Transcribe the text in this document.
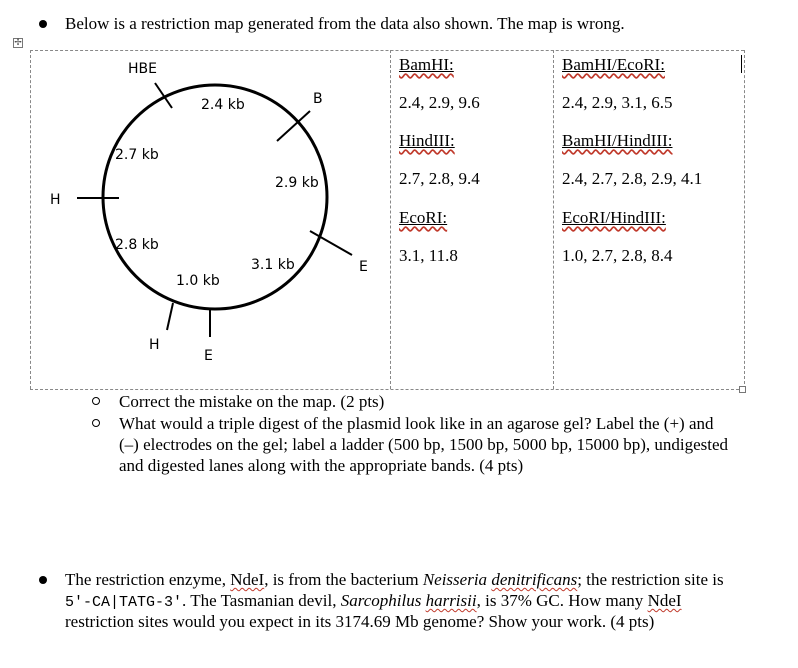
Below is a restriction map generated from the data also shown. The map is wrong.
✢
HBE
B
H
E
H
E
2.4 kb
2.7 kb
2.9 kb
2.8 kb
3.1 kb
1.0 kb
BamHI:
2.4, 2.9, 9.6
HindIII:
2.7, 2.8, 9.4
EcoRI:
3.1, 11.8
BamHI/EcoRI:
2.4, 2.9, 3.1, 6.5
BamHI/HindIII:
2.4, 2.7, 2.8, 2.9, 4.1
EcoRI/HindIII:
1.0, 2.7, 2.8, 8.4
Correct the mistake on the map. (2 pts)
What would a triple digest of the plasmid look like in an agarose gel? Label the (+) and
(–) electrodes on the gel; label a ladder (500 bp, 1500 bp, 5000 bp, 15000 bp), undigested
and digested lanes along with the appropriate bands. (4 pts)
The restriction enzyme, NdeI, is from the bacterium Neisseria denitrificans; the restriction site is
5′-CA|TATG-3′. The Tasmanian devil, Sarcophilus harrisii, is 37% GC. How many NdeI
restriction sites would you expect in its 3174.69 Mb genome? Show your work. (4 pts)
